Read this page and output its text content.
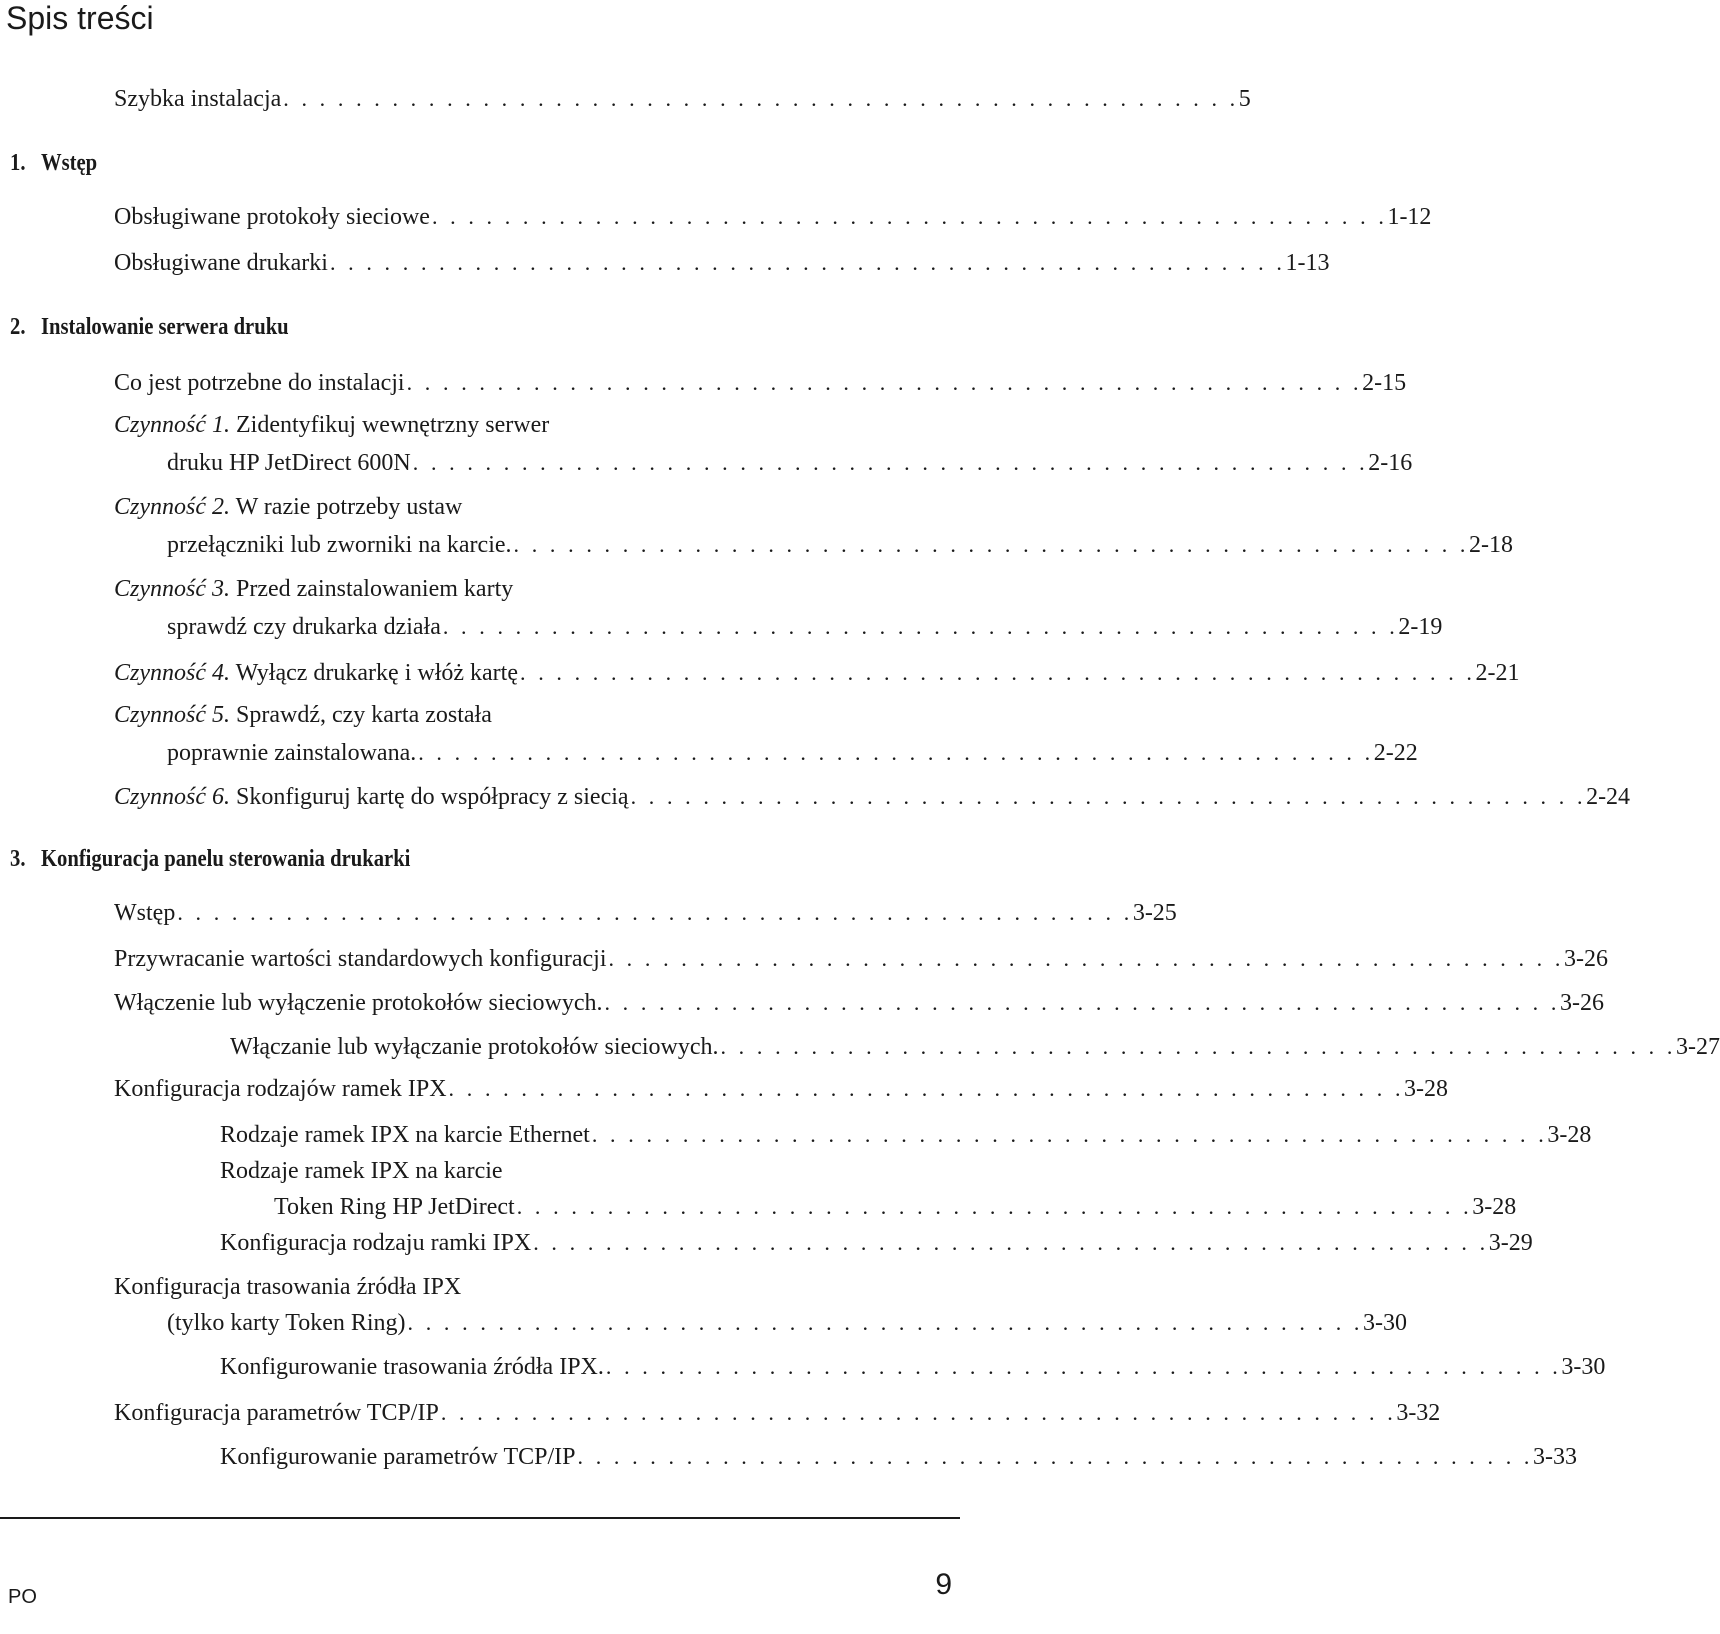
Spis treści
Szybka instalacja . . . . . . . . . . . . . . . . . . . . . . . . . . . . . . . . . . . . . . . . . . . . . . . . . . . . . 5
1. Wstęp
Obsługiwane protokoły sieciowe . . . . . . . . . . . . . . . . . . . . . . . . . . . . . . . . . . . . . . . . . . . . . . . . . . . . . 1-12
Obsługiwane drukarki . . . . . . . . . . . . . . . . . . . . . . . . . . . . . . . . . . . . . . . . . . . . . . . . . . . . . 1-13
2. Instalowanie serwera druku
Co jest potrzebne do instalacji . . . . . . . . . . . . . . . . . . . . . . . . . . . . . . . . . . . . . . . . . . . . . . . . . . . . . 2-15
Czynność 1. Zidentyfikuj wewnętrzny serwer
druku HP JetDirect 600N . . . . . . . . . . . . . . . . . . . . . . . . . . . . . . . . . . . . . . . . . . . . . . . . . . . . . 2-16
Czynność 2. W razie potrzeby ustaw
przełączniki lub zworniki na karcie. . . . . . . . . . . . . . . . . . . . . . . . . . . . . . . . . . . . . . . . . . . . . . . . . . . . . . 2-18
Czynność 3. Przed zainstalowaniem karty
sprawdź czy drukarka działa . . . . . . . . . . . . . . . . . . . . . . . . . . . . . . . . . . . . . . . . . . . . . . . . . . . . . 2-19
Czynność 4. Wyłącz drukarkę i włóż kartę . . . . . . . . . . . . . . . . . . . . . . . . . . . . . . . . . . . . . . . . . . . . . . . . . . . . . 2-21
Czynność 5. Sprawdź, czy karta została
poprawnie zainstalowana. . . . . . . . . . . . . . . . . . . . . . . . . . . . . . . . . . . . . . . . . . . . . . . . . . . . . . 2-22
Czynność 6. Skonfiguruj kartę do współpracy z siecią . . . . . . . . . . . . . . . . . . . . . . . . . . . . . . . . . . . . . . . . . . . . . . . . . . . . . 2-24
3. Konfiguracja panelu sterowania drukarki
Wstęp . . . . . . . . . . . . . . . . . . . . . . . . . . . . . . . . . . . . . . . . . . . . . . . . . . . . . 3-25
Przywracanie wartości standardowych konfiguracji . . . . . . . . . . . . . . . . . . . . . . . . . . . . . . . . . . . . . . . . . . . . . . . . . . . . . 3-26
Włączenie lub wyłączenie protokołów sieciowych. . . . . . . . . . . . . . . . . . . . . . . . . . . . . . . . . . . . . . . . . . . . . . . . . . . . . . 3-26
Włączanie lub wyłączanie protokołów sieciowych. . . . . . . . . . . . . . . . . . . . . . . . . . . . . . . . . . . . . . . . . . . . . . . . . . . . . . 3-27
Konfiguracja rodzajów ramek IPX . . . . . . . . . . . . . . . . . . . . . . . . . . . . . . . . . . . . . . . . . . . . . . . . . . . . . 3-28
Rodzaje ramek IPX na karcie Ethernet . . . . . . . . . . . . . . . . . . . . . . . . . . . . . . . . . . . . . . . . . . . . . . . . . . . . . 3-28
Rodzaje ramek IPX na karcie
Token Ring HP JetDirect . . . . . . . . . . . . . . . . . . . . . . . . . . . . . . . . . . . . . . . . . . . . . . . . . . . . . 3-28
Konfiguracja rodzaju ramki IPX . . . . . . . . . . . . . . . . . . . . . . . . . . . . . . . . . . . . . . . . . . . . . . . . . . . . . 3-29
Konfiguracja trasowania źródła IPX
(tylko karty Token Ring) . . . . . . . . . . . . . . . . . . . . . . . . . . . . . . . . . . . . . . . . . . . . . . . . . . . . . 3-30
Konfigurowanie trasowania źródła IPX. . . . . . . . . . . . . . . . . . . . . . . . . . . . . . . . . . . . . . . . . . . . . . . . . . . . . . 3-30
Konfiguracja parametrów TCP/IP . . . . . . . . . . . . . . . . . . . . . . . . . . . . . . . . . . . . . . . . . . . . . . . . . . . . . 3-32
Konfigurowanie parametrów TCP/IP . . . . . . . . . . . . . . . . . . . . . . . . . . . . . . . . . . . . . . . . . . . . . . . . . . . . . 3-33
PO	9
